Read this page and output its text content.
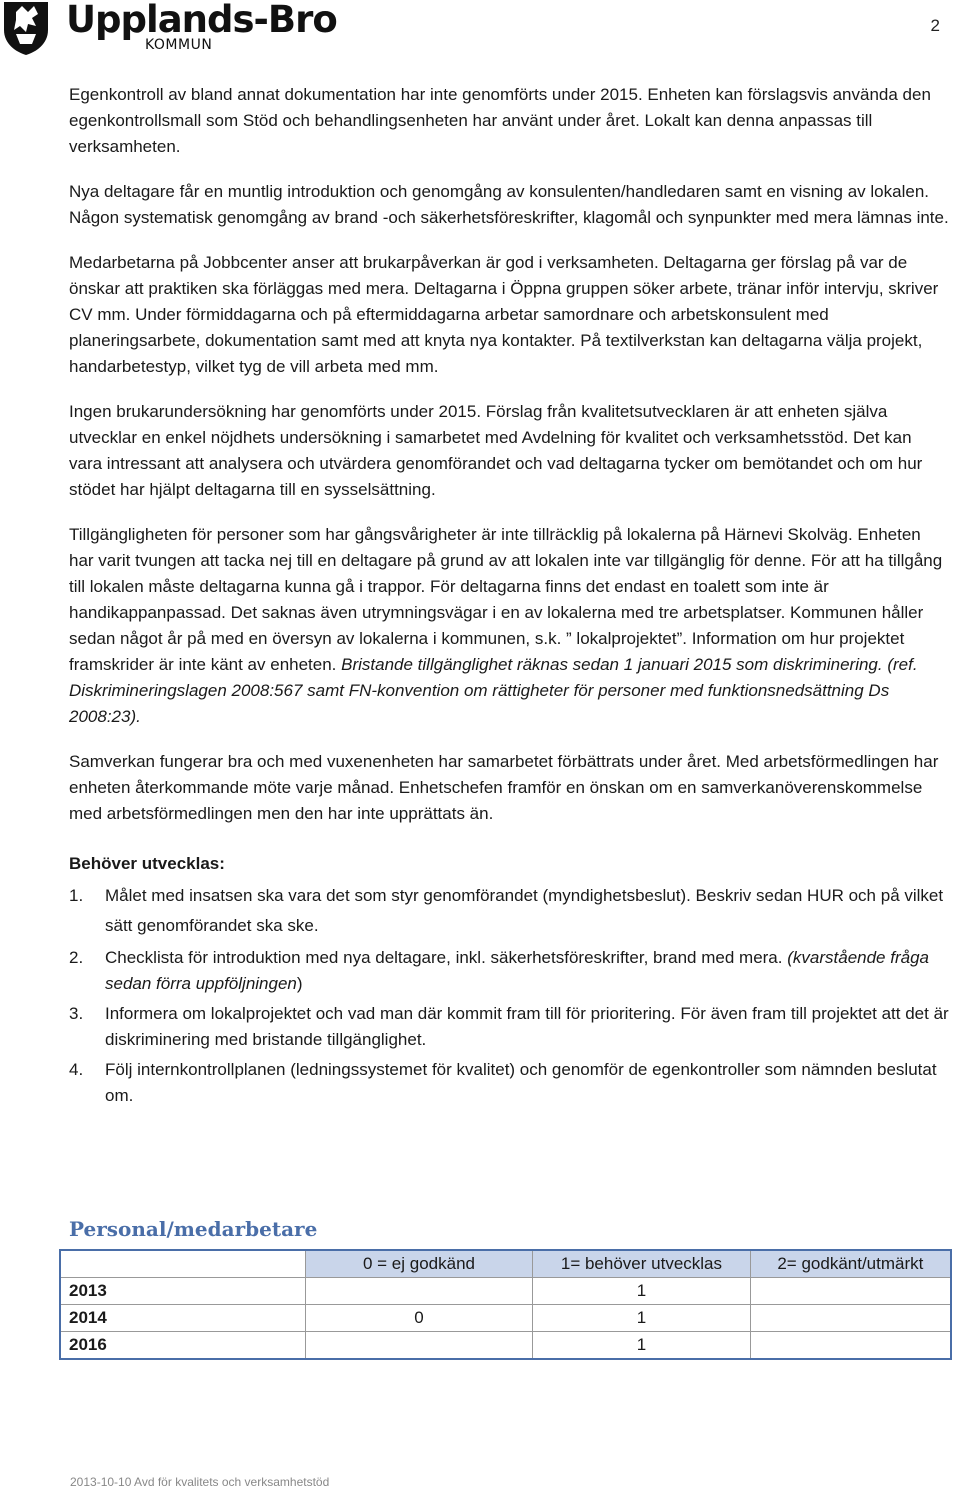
Upplands-Bro
KOMMUN
2

Egenkontroll av bland annat dokumentation har inte genomförts under 2015. Enheten kan förslagsvis använda den egenkontrollsmall som Stöd och behandlingsenheten har använt under året. Lokalt kan denna anpassas till verksamheten.

Nya deltagare får en muntlig introduktion och genomgång av konsulenten/handledaren samt en visning av lokalen. Någon systematisk genomgång av brand -och säkerhetsföreskrifter, klagomål och synpunkter med mera lämnas inte.

Medarbetarna på Jobbcenter anser att brukarpåverkan är god i verksamheten. Deltagarna ger förslag på var de önskar att praktiken ska förläggas med mera. Deltagarna i Öppna gruppen söker arbete, tränar inför intervju, skriver CV mm. Under förmiddagarna och på eftermiddagarna arbetar samordnare och arbetskonsulent med planeringsarbete, dokumentation samt med att knyta nya kontakter. På textilverkstan kan deltagarna välja projekt, handarbetestyp, vilket tyg de vill arbeta med mm.

Ingen brukarundersökning har genomförts under 2015. Förslag från kvalitetsutvecklaren är att enheten själva utvecklar en enkel nöjdhets undersökning i samarbetet med Avdelning för kvalitet och verksamhetsstöd. Det kan vara intressant att analysera och utvärdera genomförandet och vad deltagarna tycker om bemötandet och om hur stödet har hjälpt deltagarna till en sysselsättning.

Tillgängligheten för personer som har gångsvårigheter är inte tillräcklig på lokalerna på Härnevi Skolväg. Enheten har varit tvungen att tacka nej till en deltagare på grund av att lokalen inte var tillgänglig för denne. För att ha tillgång till lokalen måste deltagarna kunna gå i trappor. För deltagarna finns det endast en toalett som inte är handikappanpassad. Det saknas även utrymningsvägar i en av lokalerna med tre arbetsplatser. Kommunen håller sedan något år på med en översyn av lokalerna i kommunen, s.k. ” lokalprojektet”. Information om hur projektet framskrider är inte känt av enheten. Bristande tillgänglighet räknas sedan 1 januari 2015 som diskriminering. (ref. Diskrimineringslagen 2008:567 samt FN-konvention om rättigheter för personer med funktionsnedsättning Ds 2008:23).

Samverkan fungerar bra och med vuxenenheten har samarbetet förbättrats under året. Med arbetsförmedlingen har enheten återkommande möte varje månad. Enhetschefen framför en önskan om en samverkanöverenskommelse med arbetsförmedlingen men den har inte upprättats än.

Behöver utvecklas:
1. Målet med insatsen ska vara det som styr genomförandet (myndighetsbeslut). Beskriv sedan HUR och på vilket sätt genomförandet ska ske.
2. Checklista för introduktion med nya deltagare, inkl. säkerhetsföreskrifter, brand med mera. (kvarstående fråga sedan förra uppföljningen)
3. Informera om lokalprojektet och vad man där kommit fram till för prioritering. För även fram till projektet att det är diskriminering med bristande tillgänglighet.
4. Följ internkontrollplanen (ledningssystemet för kvalitet) och genomför de egenkontroller som nämnden beslutat om.
Personal/medarbetare
	0 = ej godkänd	1= behöver utvecklas	2= godkänt/utmärkt
2013		1	
2014	0	1	
2016		1	
2013-10-10 Avd för kvalitets och verksamhetstöd
